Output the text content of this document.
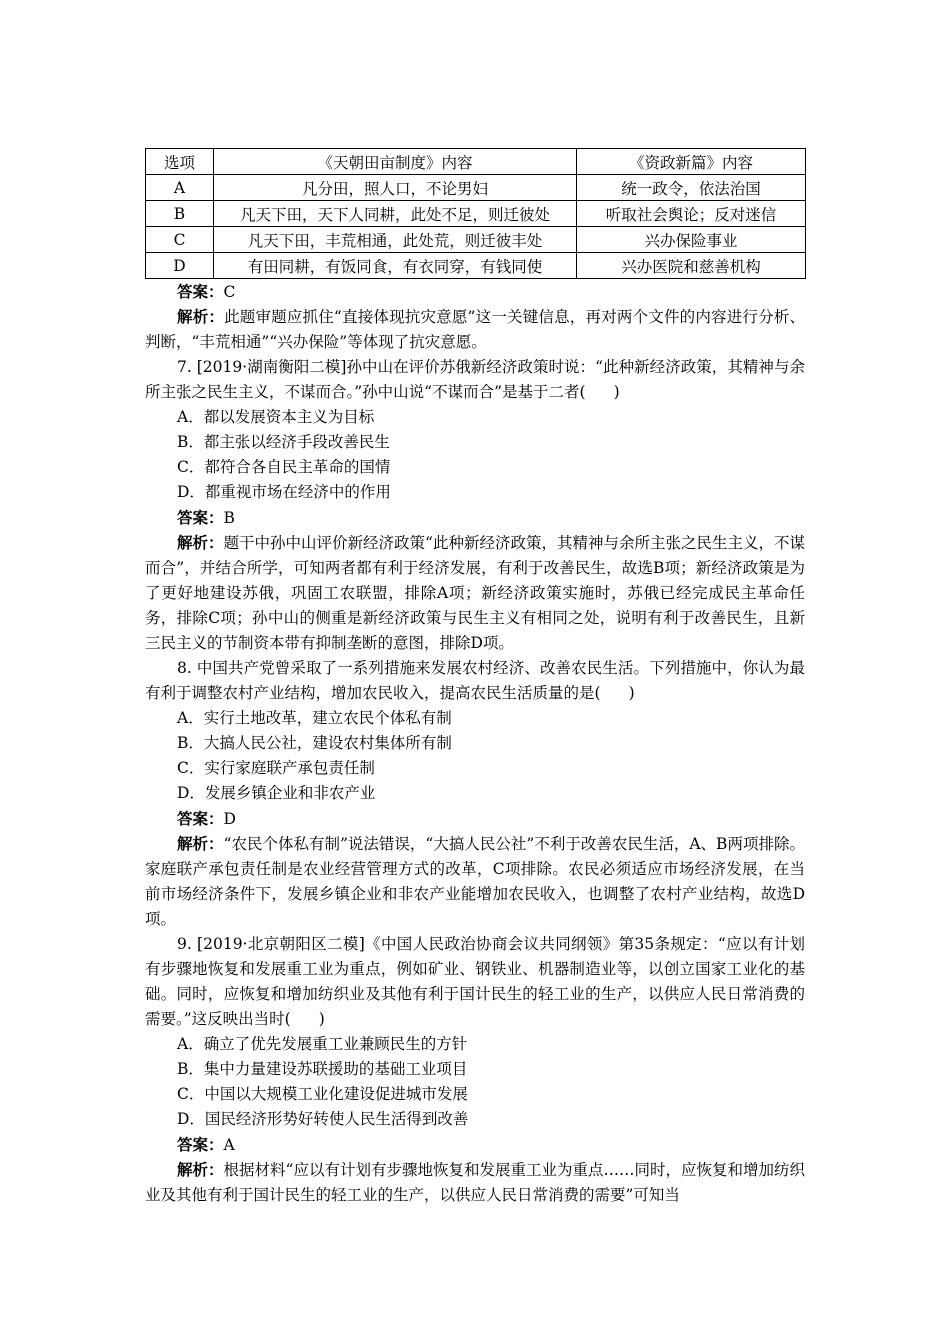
选项	《天朝田亩制度》内容	《资政新篇》内容
A	凡分田，照人口，不论男妇	统一政令，依法治国
B	凡天下田，天下人同耕，此处不足，则迁彼处	听取社会舆论；反对迷信
C	凡天下田，丰荒相通，此处荒，则迁彼丰处	兴办保险事业
D	有田同耕，有饭同食，有衣同穿，有钱同使	兴办医院和慈善机构
答案：C
解析：此题审题应抓住“直接体现抗灾意愿”这一关键信息，再对两个文件的内容进行分析、判断，“丰荒相通”“兴办保险”等体现了抗灾意愿。
7. [2019·湖南衡阳二模]孙中山在评价苏俄新经济政策时说：“此种新经济政策，其精神与余所主张之民生主义，不谋而合。”孙中山说“不谋而合”是基于二者( )
A．都以发展资本主义为目标
B．都主张以经济手段改善民生
C．都符合各自民主革命的国情
D．都重视市场在经济中的作用
答案：B
解析：题干中孙中山评价新经济政策“此种新经济政策，其精神与余所主张之民生主义，不谋而合”，并结合所学，可知两者都有利于经济发展，有利于改善民生，故选B项；新经济政策是为了更好地建设苏俄，巩固工农联盟，排除A项；新经济政策实施时，苏俄已经完成民主革命任务，排除C项；孙中山的侧重是新经济政策与民生主义有相同之处，说明有利于改善民生，且新三民主义的节制资本带有抑制垄断的意图，排除D项。
8. 中国共产党曾采取了一系列措施来发展农村经济、改善农民生活。下列措施中，你认为最有利于调整农村产业结构，增加农民收入，提高农民生活质量的是( )
A．实行土地改革，建立农民个体私有制
B．大搞人民公社，建设农村集体所有制
C．实行家庭联产承包责任制
D．发展乡镇企业和非农产业
答案：D
解析：“农民个体私有制”说法错误，“大搞人民公社”不利于改善农民生活，A、B两项排除。家庭联产承包责任制是农业经营管理方式的改革，C项排除。农民必须适应市场经济发展，在当前市场经济条件下，发展乡镇企业和非农产业能增加农民收入，也调整了农村产业结构，故选D项。
9. [2019·北京朝阳区二模]《中国人民政治协商会议共同纲领》第35条规定：“应以有计划有步骤地恢复和发展重工业为重点，例如矿业、钢铁业、机器制造业等，以创立国家工业化的基础。同时，应恢复和增加纺织业及其他有利于国计民生的轻工业的生产，以供应人民日常消费的需要。”这反映出当时( )
A．确立了优先发展重工业兼顾民生的方针
B．集中力量建设苏联援助的基础工业项目
C．中国以大规模工业化建设促进城市发展
D．国民经济形势好转使人民生活得到改善
答案：A
解析：根据材料“应以有计划有步骤地恢复和发展重工业为重点……同时，应恢复和增加纺织业及其他有利于国计民生的轻工业的生产，以供应人民日常消费的需要”可知当
